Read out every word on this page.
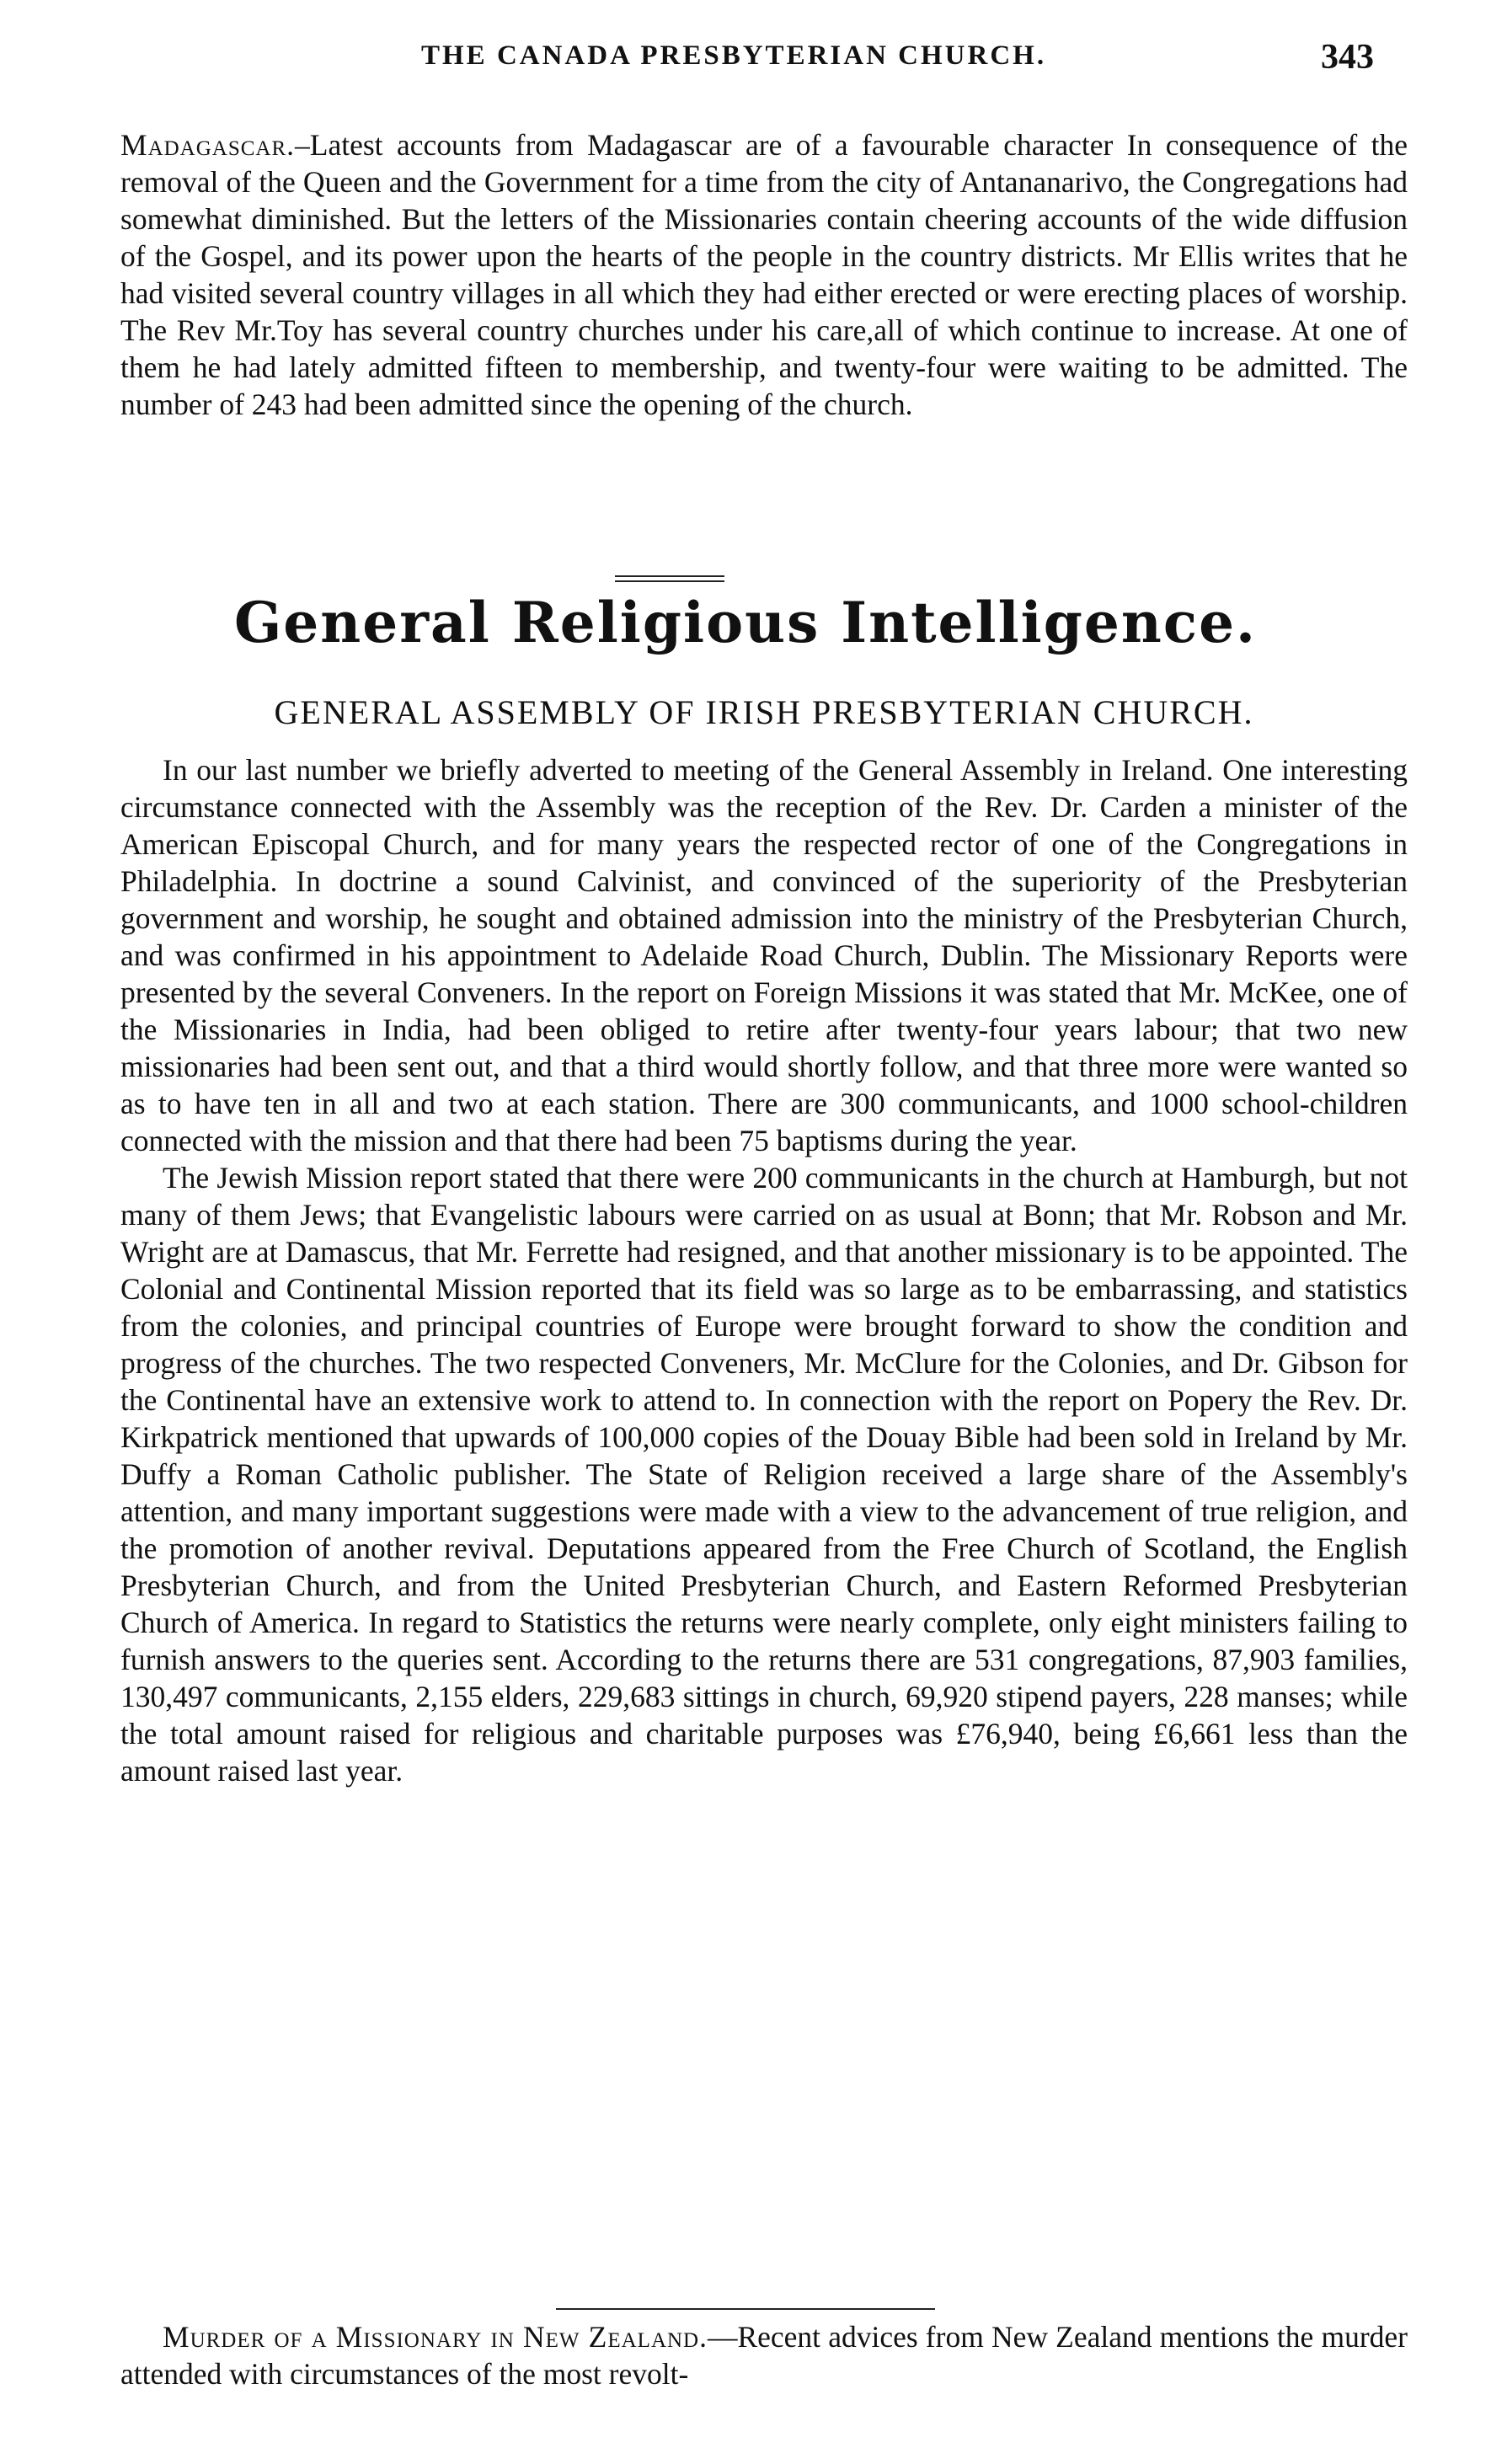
THE CANADA PRESBYTERIAN CHURCH.	343

Madagascar.–Latest accounts from Madagascar are of a favourable character In consequence of the removal of the Queen and the Government for a time from the city of Antananarivo, the Congregations had somewhat diminished. But the letters of the Missionaries contain cheering accounts of the wide diffusion of the Gospel, and its power upon the hearts of the people in the country districts. Mr Ellis writes that he had visited several country villages in all which they had either erected or were erecting places of worship. The Rev Mr.Toy has several country churches under his care,all of which continue to increase. At one of them he had lately admitted fifteen to membership, and twenty-four were waiting to be admitted. The number of 243 had been admitted since the opening of the church.

General Religious Intelligence.
GENERAL ASSEMBLY OF IRISH PRESBYTERIAN CHURCH.

In our last number we briefly adverted to meeting of the General Assembly in Ireland. One interesting circumstance connected with the Assembly was the reception of the Rev. Dr. Carden a minister of the American Episcopal Church, and for many years the respected rector of one of the Congregations in Philadelphia. In doctrine a sound Calvinist, and convinced of the superiority of the Presbyterian government and worship, he sought and obtained admission into the ministry of the Presbyterian Church, and was confirmed in his appointment to Adelaide Road Church, Dublin. The Missionary Reports were presented by the several Conveners. In the report on Foreign Missions it was stated that Mr. McKee, one of the Missionaries in India, had been obliged to retire after twenty-four years labour; that two new missionaries had been sent out, and that a third would shortly follow, and that three more were wanted so as to have ten in all and two at each station. There are 300 communicants, and 1000 school-children connected with the mission and that there had been 75 baptisms during the year.

The Jewish Mission report stated that there were 200 communicants in the church at Hamburgh, but not many of them Jews; that Evangelistic labours were carried on as usual at Bonn; that Mr. Robson and Mr. Wright are at Damascus, that Mr. Ferrette had resigned, and that another missionary is to be appointed. The Colonial and Continental Mission reported that its field was so large as to be embarrassing, and statistics from the colonies, and principal countries of Europe were brought forward to show the condition and progress of the churches. The two respected Conveners, Mr. McClure for the Colonies, and Dr. Gibson for the Continental have an extensive work to attend to. In connection with the report on Popery the Rev. Dr. Kirkpatrick mentioned that upwards of 100,000 copies of the Douay Bible had been sold in Ireland by Mr. Duffy a Roman Catholic publisher. The State of Religion received a large share of the Assembly's attention, and many important suggestions were made with a view to the advancement of true religion, and the promotion of another revival. Deputations appeared from the Free Church of Scotland, the English Presbyterian Church, and from the United Presbyterian Church, and Eastern Reformed Presbyterian Church of America. In regard to Statistics the returns were nearly complete, only eight ministers failing to furnish answers to the queries sent. According to the returns there are 531 congregations, 87,903 families, 130,497 communicants, 2,155 elders, 229,683 sittings in church, 69,920 stipend payers, 228 manses; while the total amount raised for religious and charitable purposes was £76,940, being £6,661 less than the amount raised last year.

Murder of a Missionary in New Zealand.—Recent advices from New Zealand mentions the murder attended with circumstances of the most revolt-
